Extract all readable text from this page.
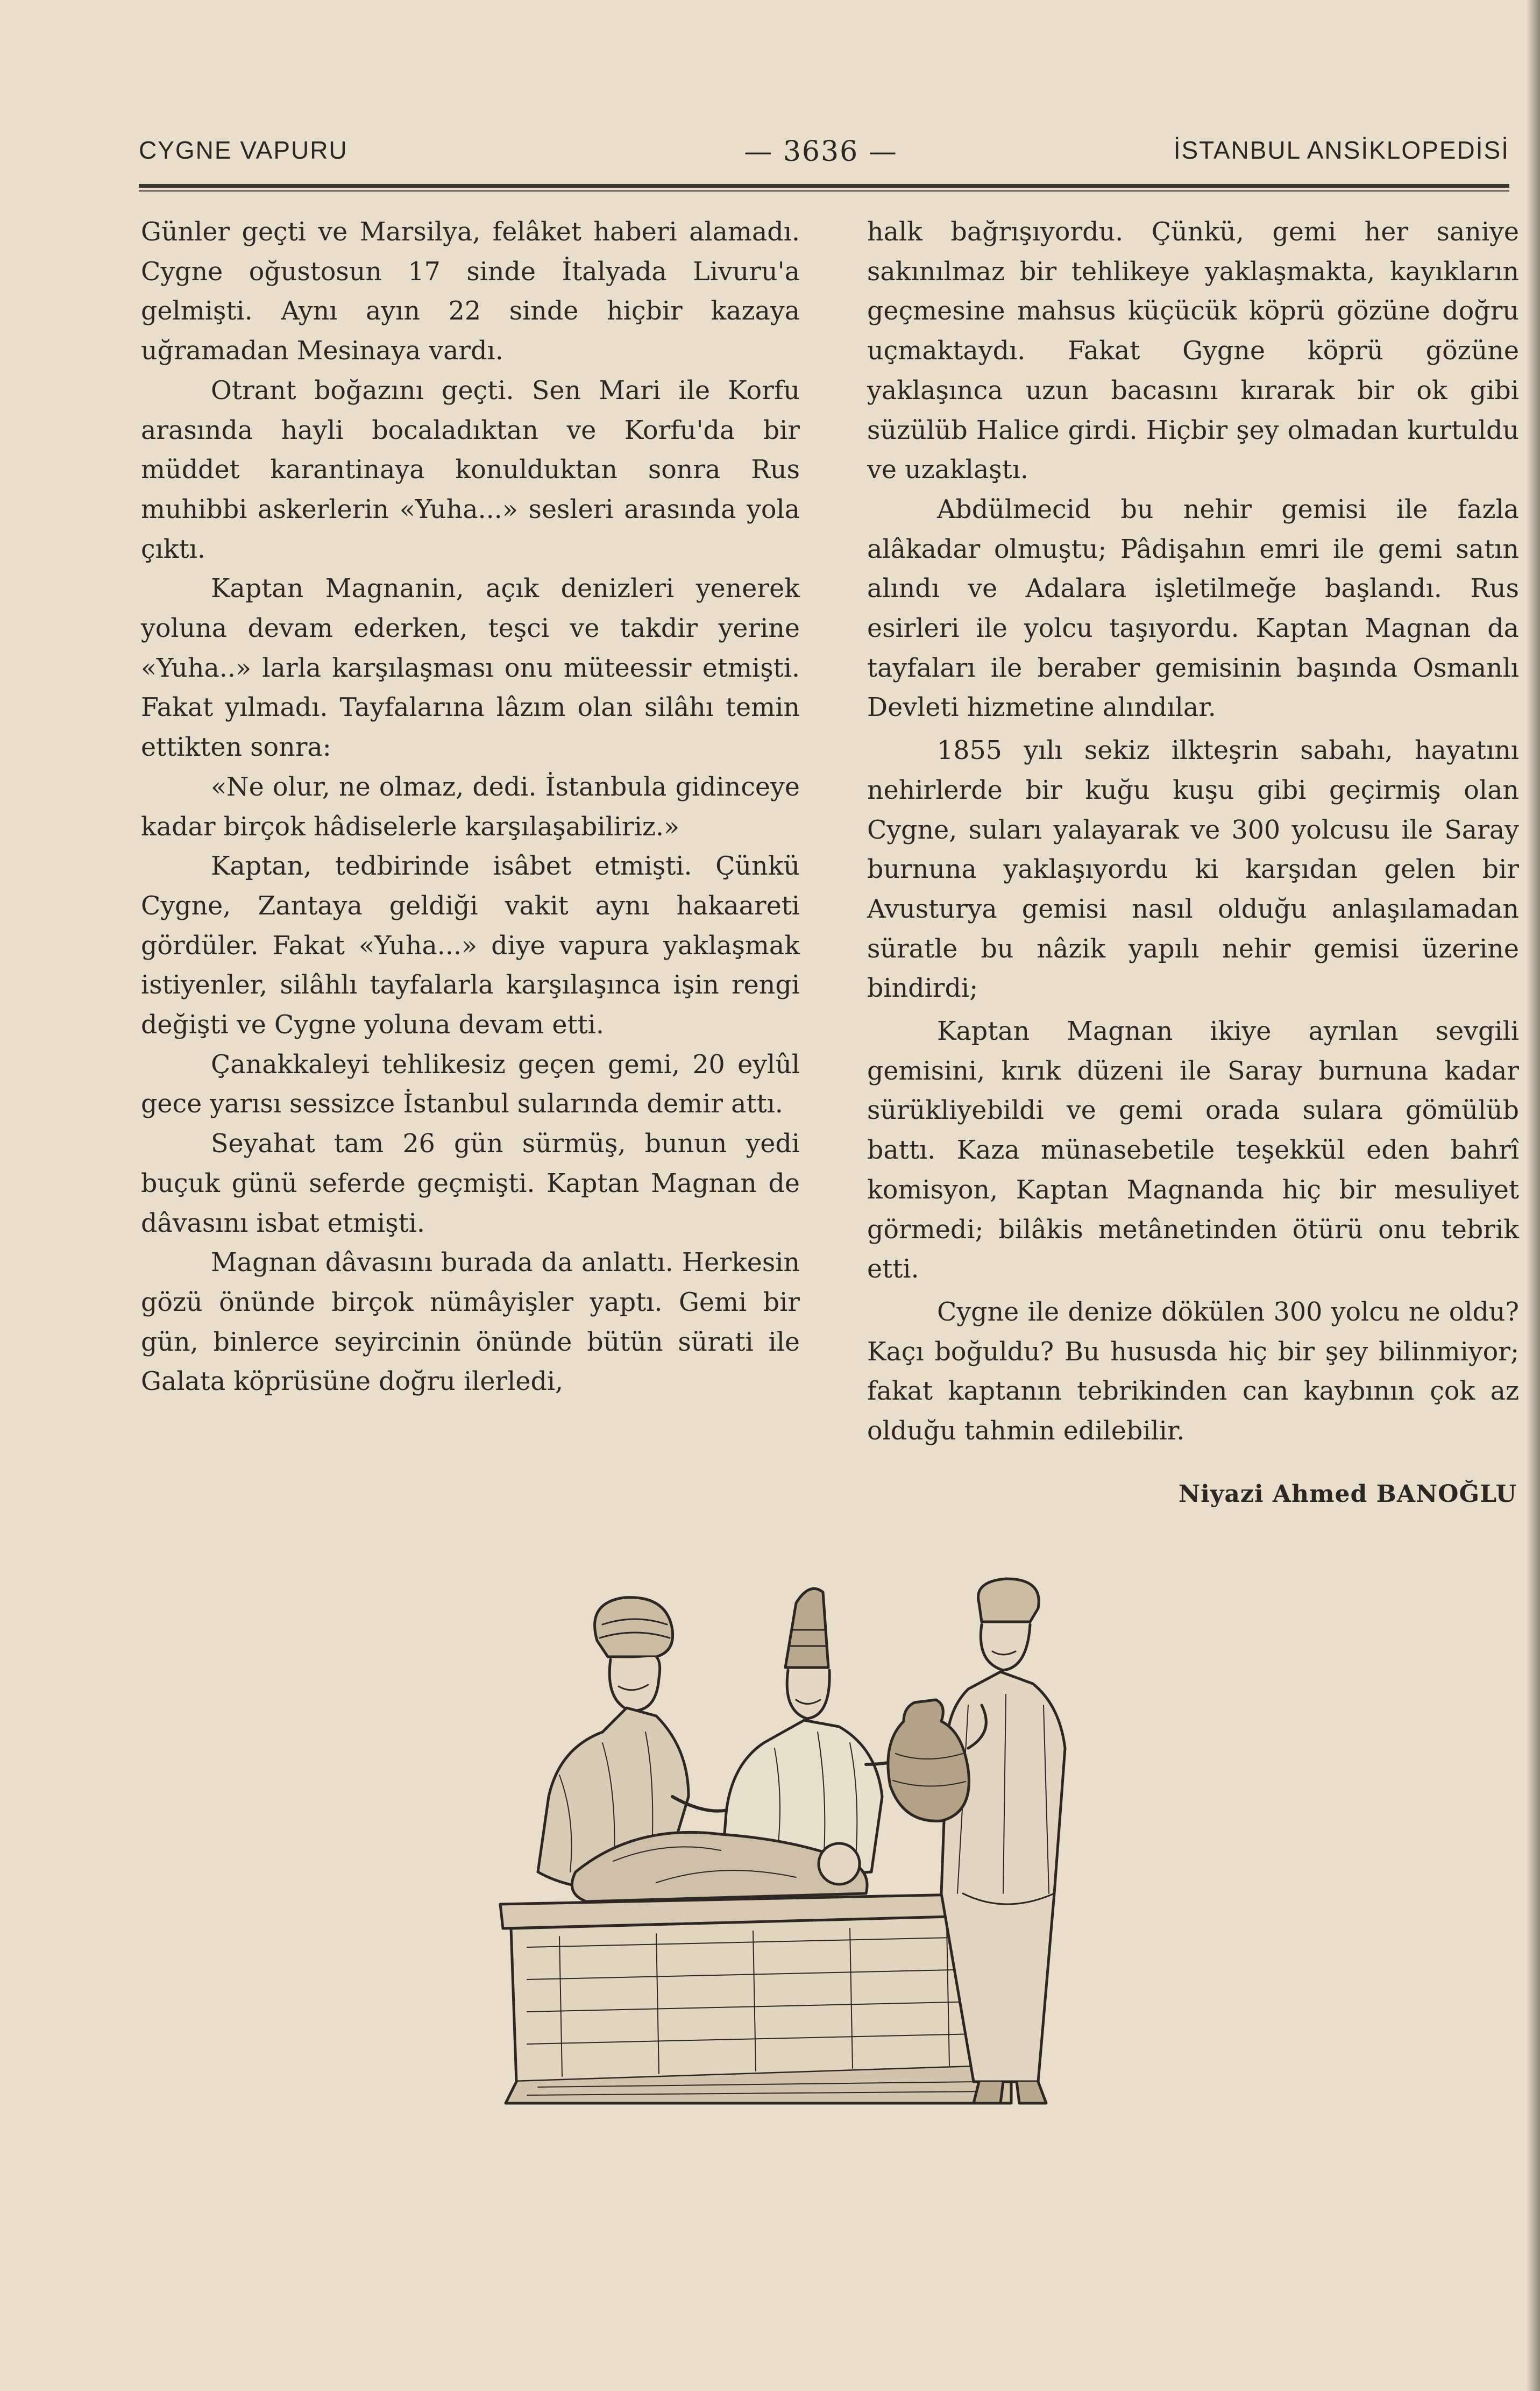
CYGNE VAPURU	— 3636 —	İSTANBUL ANSİKLOPEDİSİ

Günler geçti ve Marsilya, felâket haberi alamadı. Cygne oğustosun 17 sinde İtalyada Livuru'a gelmişti. Aynı ayın 22 sinde hiçbir kazaya uğramadan Mesinaya vardı.

Otrant boğazını geçti. Sen Mari ile Korfu arasında hayli bocaladıktan ve Korfu'da bir müddet karantinaya konulduktan sonra Rus muhibbi askerlerin «Yuha...» sesleri arasında yola çıktı.

Kaptan Magnanin, açık denizleri yenerek yoluna devam ederken, teşci ve takdir yerine «Yuha..» larla karşılaşması onu müteessir etmişti. Fakat yılmadı. Tayfalarına lâzım olan silâhı temin ettikten sonra:

«Ne olur, ne olmaz, dedi. İstanbula gidinceye kadar birçok hâdiselerle karşılaşabiliriz.»

Kaptan, tedbirinde isâbet etmişti. Çünkü Cygne, Zantaya geldiği vakit aynı hakaareti gördüler. Fakat «Yuha...» diye vapura yaklaşmak istiyenler, silâhlı tayfalarla karşılaşınca işin rengi değişti ve Cygne yoluna devam etti.

Çanakkaleyi tehlikesiz geçen gemi, 20 eylûl gece yarısı sessizce İstanbul sularında demir attı.

Seyahat tam 26 gün sürmüş, bunun yedi buçuk günü seferde geçmişti. Kaptan Magnan de dâvasını isbat etmişti.

Magnan dâvasını burada da anlattı. Herkesin gözü önünde birçok nümâyişler yaptı. Gemi bir gün, binlerce seyircinin önünde bütün sürati ile Galata köprüsüne doğru ilerledi,

halk bağrışıyordu. Çünkü, gemi her saniye sakınılmaz bir tehlikeye yaklaşmakta, kayıkların geçmesine mahsus küçücük köprü gözüne doğru uçmaktaydı. Fakat Gygne köprü gözüne yaklaşınca uzun bacasını kırarak bir ok gibi süzülüb Halice girdi. Hiçbir şey olmadan kurtuldu ve uzaklaştı.

Abdülmecid bu nehir gemisi ile fazla alâkadar olmuştu; Pâdişahın emri ile gemi satın alındı ve Adalara işletilmeğe başlandı. Rus esirleri ile yolcu taşıyordu. Kaptan Magnan da tayfaları ile beraber gemisinin başında Osmanlı Devleti hizmetine alındılar.

1855 yılı sekiz ilkteşrin sabahı, hayatını nehirlerde bir kuğu kuşu gibi geçirmiş olan Cygne, suları yalayarak ve 300 yolcusu ile Saray burnuna yaklaşıyordu ki karşıdan gelen bir Avusturya gemisi nasıl olduğu anlaşılamadan süratle bu nâzik yapılı nehir gemisi üzerine bindirdi;

Kaptan Magnan ikiye ayrılan sevgili gemisini, kırık düzeni ile Saray burnuna kadar sürükliyebildi ve gemi orada sulara gömülüb battı. Kaza münasebetile teşekkül eden bahrî komisyon, Kaptan Magnanda hiç bir mesuliyet görmedi; bilâkis metânetinden ötürü onu tebrik etti.

Cygne ile denize dökülen 300 yolcu ne oldu? Kaçı boğuldu? Bu hususda hiç bir şey bilinmiyor; fakat kaptanın tebrikinden can kaybının çok az olduğu tahmin edilebilir.

Niyazi Ahmed BANOĞLU
